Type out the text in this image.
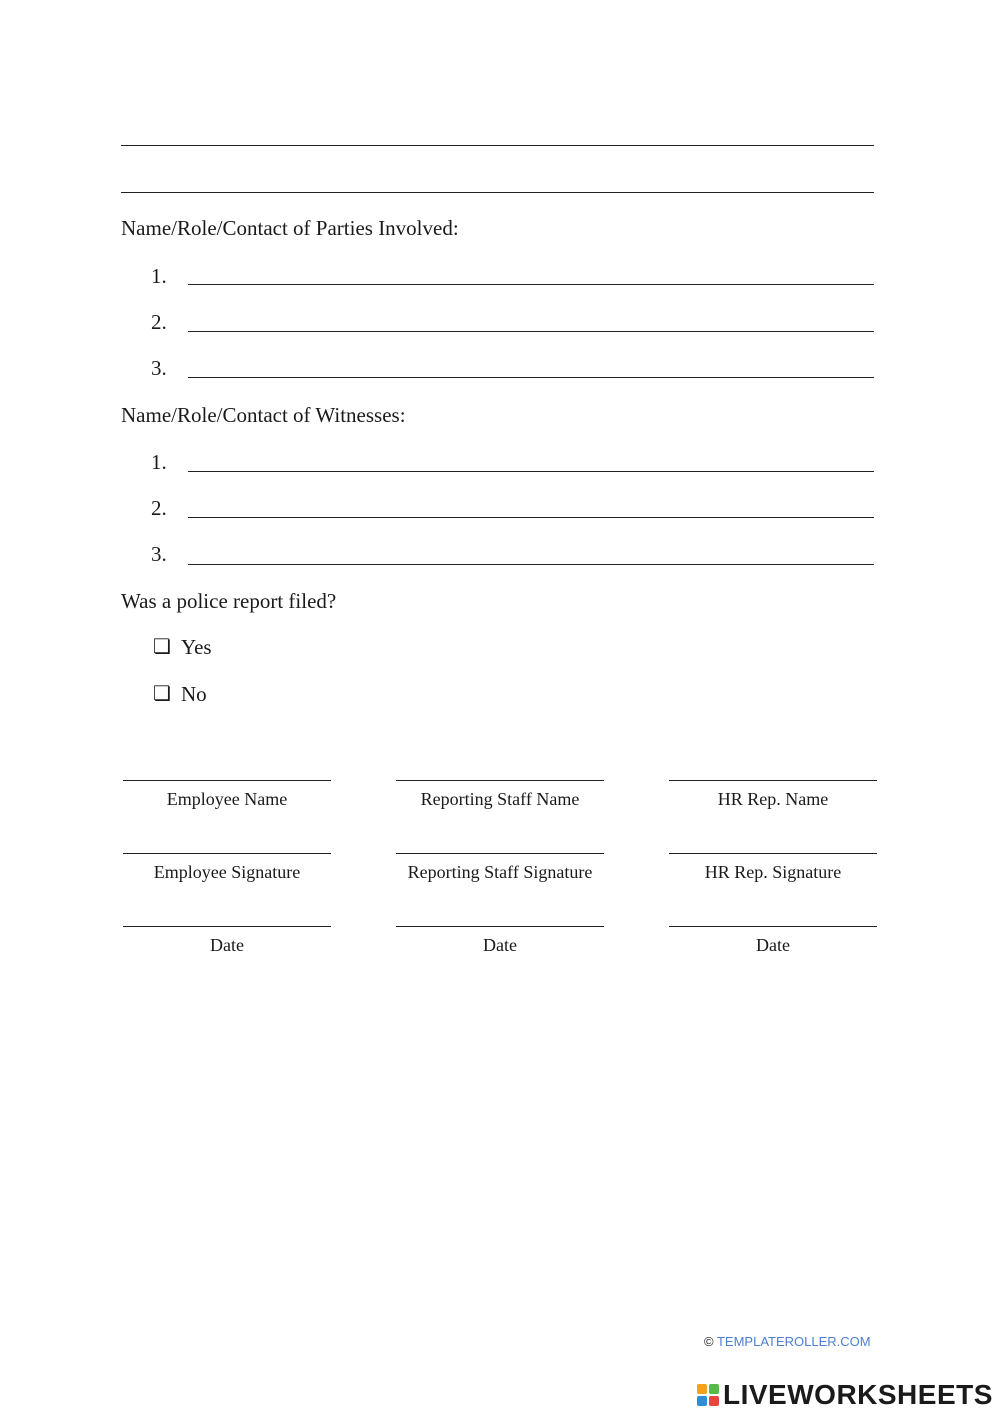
Name/Role/Contact of Parties Involved:
1.
2.
3.
Name/Role/Contact of Witnesses:
1.
2.
3.
Was a police report filed?
❏ Yes
❏ No
Employee Name	Reporting Staff Name	HR Rep. Name
Employee Signature	Reporting Staff Signature	HR Rep. Signature
Date	Date	Date
© TEMPLATEROLLER.COM
LIVEWORKSHEETS
